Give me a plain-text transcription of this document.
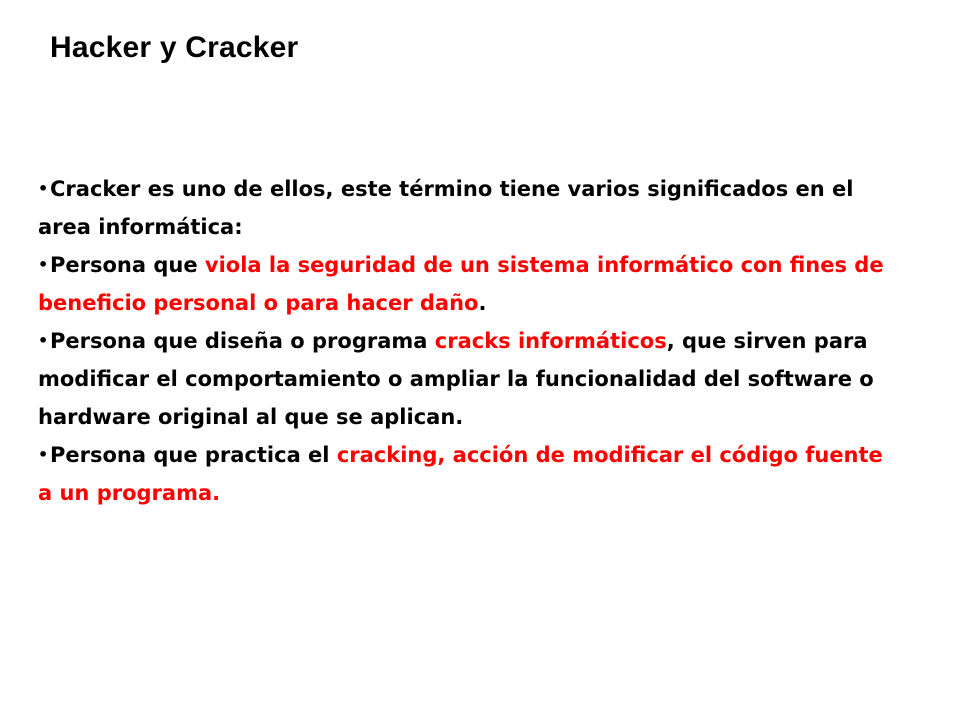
Hacker y Cracker
•Cracker es uno de ellos, este término tiene varios significados en el area informática:
•Persona que viola la seguridad de un sistema informático con fines de beneficio personal o para hacer daño.
•Persona que diseña o programa cracks informáticos, que sirven para modificar el comportamiento o ampliar la funcionalidad del software o hardware original al que se aplican.
•Persona que practica el cracking, acción de modificar el código fuente a un programa.
